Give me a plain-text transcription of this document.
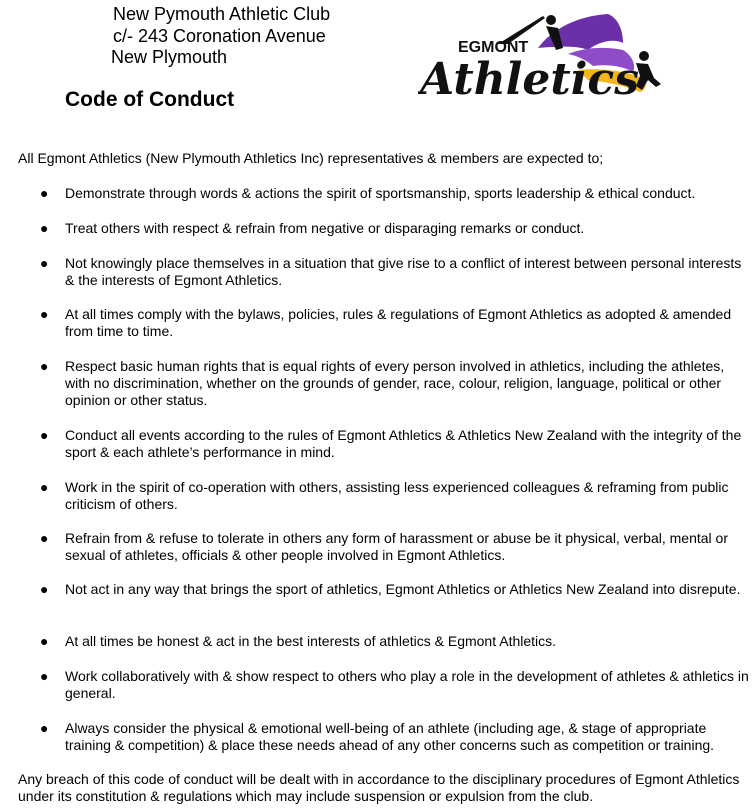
New Pymouth Athletic Club
c/- 243 Coronation Avenue
New Plymouth
Code of Conduct
EGMONT
Athletics
All Egmont Athletics (New Plymouth Athletics Inc) representatives & members are expected to;
● Demonstrate through words & actions the spirit of sportsmanship, sports leadership & ethical conduct.
● Treat others with respect & refrain from negative or disparaging remarks or conduct.
● Not knowingly place themselves in a situation that give rise to a conflict of interest between personal interests & the interests of Egmont Athletics.
● At all times comply with the bylaws, policies, rules & regulations of Egmont Athletics as adopted & amended from time to time.
● Respect basic human rights that is equal rights of every person involved in athletics, including the athletes, with no discrimination, whether on the grounds of gender, race, colour, religion, language, political or other opinion or other status.
● Conduct all events according to the rules of Egmont Athletics & Athletics New Zealand with the integrity of the sport & each athlete’s performance in mind.
● Work in the spirit of co-operation with others, assisting less experienced colleagues & reframing from public criticism of others.
● Refrain from & refuse to tolerate in others any form of harassment or abuse be it physical, verbal, mental or sexual of athletes, officials & other people involved in Egmont Athletics.
● Not act in any way that brings the sport of athletics, Egmont Athletics or Athletics New Zealand into disrepute.
● At all times be honest & act in the best interests of athletics & Egmont Athletics.
● Work collaboratively with & show respect to others who play a role in the development of athletes & athletics in general.
● Always consider the physical & emotional well-being of an athlete (including age, & stage of appropriate training & competition) & place these needs ahead of any other concerns such as competition or training.
Any breach of this code of conduct will be dealt with in accordance to the disciplinary procedures of Egmont Athletics under its constitution & regulations which may include suspension or expulsion from the club.
